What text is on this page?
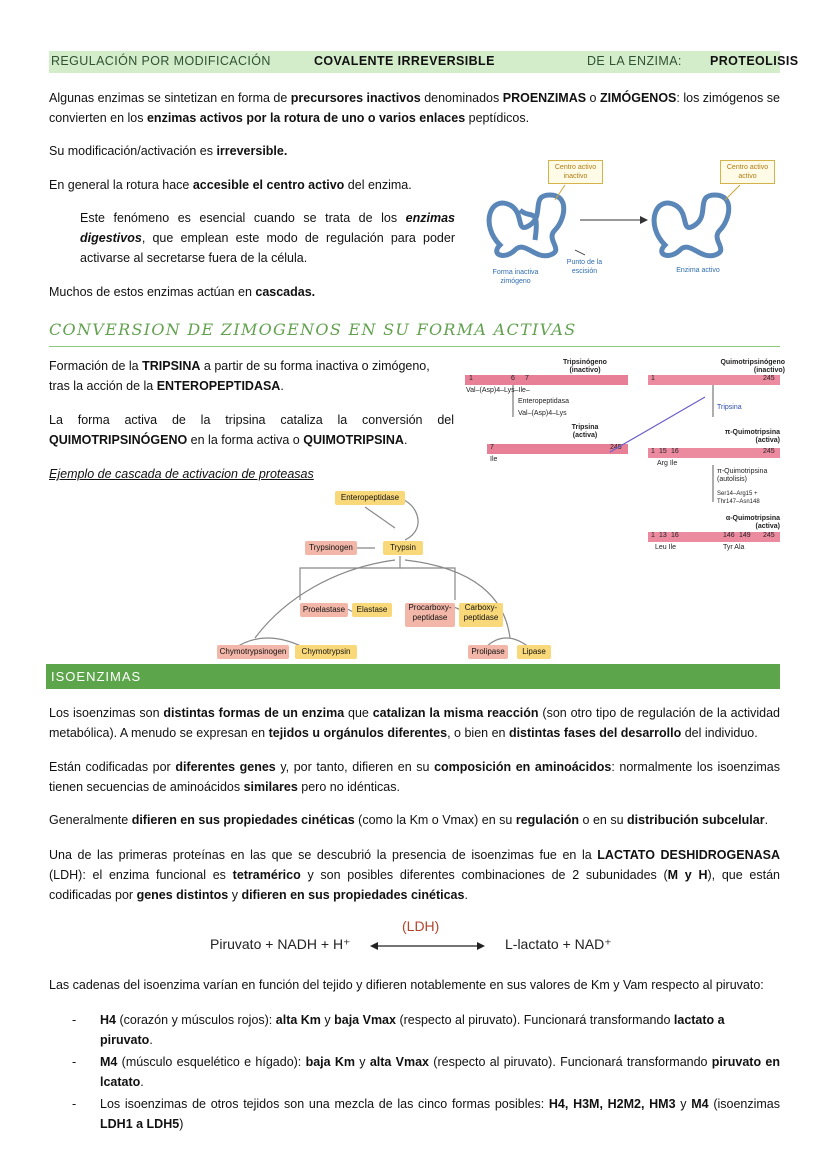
REGULACIÓN POR MODIFICACIÓN	COVALENTE IRREVERSIBLE	DE LA ENZIMA: PROTEOLISIS
Algunas enzimas se sintetizan en forma de precursores inactivos denominados PROENZIMAS o ZIMÓGENOS: los zimógenos se convierten en los enzimas activos por la rotura de uno o varios enlaces peptídicos.
Su modificación/activación es irreversible.
En general la rotura hace accesible el centro activo del enzima.
Este fenómeno es esencial cuando se trata de los enzimas digestivos, que emplean este modo de regulación para poder activarse al secretarse fuera de la célula.
Muchos de estos enzimas actúan en cascadas.
Centro activo inactivo
Centro activo activo
Forma inactiva zimógeno
Punto de la escisión	Enzima activo
CONVERSION DE ZIMOGENOS EN SU FORMA ACTIVAS
Formación de la TRIPSINA a partir de su forma inactiva o zimógeno, tras la acción de la ENTEROPEPTIDASA.
La forma activa de la tripsina cataliza la conversión del QUIMOTRIPSINÓGENO en la forma activa o QUIMOTRIPSINA.
Ejemplo de cascada de activacion de proteasas
Enteropeptidase
Trypsinogen	Trypsin
Proelastase	Elastase	Procarboxy-peptidase
Carboxy-peptidase
Chymotrypsinogen	Chymotrypsin	Prolipase	Lipase
Tripsinógeno (inactivo)
1	6 7
Val–(Asp)4–Lys–Ile–
Enteropeptidasa
Val–(Asp)4–Lys
Tripsina (activa)
7	245
Ile
Quimotripsinógeno (inactivo)
1	245
Tripsina
π-Quimotripsina (activa)
1 15 16	245
Arg Ile
π-Quimotripsina (autolisis)
Ser14–Arg15 + Thr147–Asn148
α-Quimotripsina (activa)
1 13 16	146 149 245
Leu Ile	Tyr Ala
ISOENZIMAS
Los isoenzimas son distintas formas de un enzima que catalizan la misma reacción (son otro tipo de regulación de la actividad metabólica). A menudo se expresan en tejidos u orgánulos diferentes, o bien en distintas fases del desarrollo del individuo.
Están codificadas por diferentes genes y, por tanto, difieren en su composición en aminoácidos: normalmente los isoenzimas tienen secuencias de aminoácidos similares pero no idénticas.
Generalmente difieren en sus propiedades cinéticas (como la Km o Vmax) en su regulación o en su distribución subcelular.
Una de las primeras proteínas en las que se descubrió la presencia de isoenzimas fue en la LACTATO DESHIDROGENASA (LDH): el enzima funcional es tetramérico y son posibles diferentes combinaciones de 2 subunidades (M y H), que están codificadas por genes distintos y difieren en sus propiedades cinéticas.
Piruvato + NADH + H⁺
(LDH)
L-lactato + NAD⁺
Las cadenas del isoenzima varían en función del tejido y difieren notablemente en sus valores de Km y Vam respecto al piruvato:
- H4 (corazón y músculos rojos): alta Km y baja Vmax (respecto al piruvato). Funcionará transformando lactato a piruvato.
- M4 (músculo esquelético e hígado): baja Km y alta Vmax (respecto al piruvato). Funcionará transformando piruvato en lcatato.
- Los isoenzimas de otros tejidos son una mezcla de las cinco formas posibles: H4, H3M, H2M2, HM3 y M4 (isoenzimas LDH1 a LDH5)
